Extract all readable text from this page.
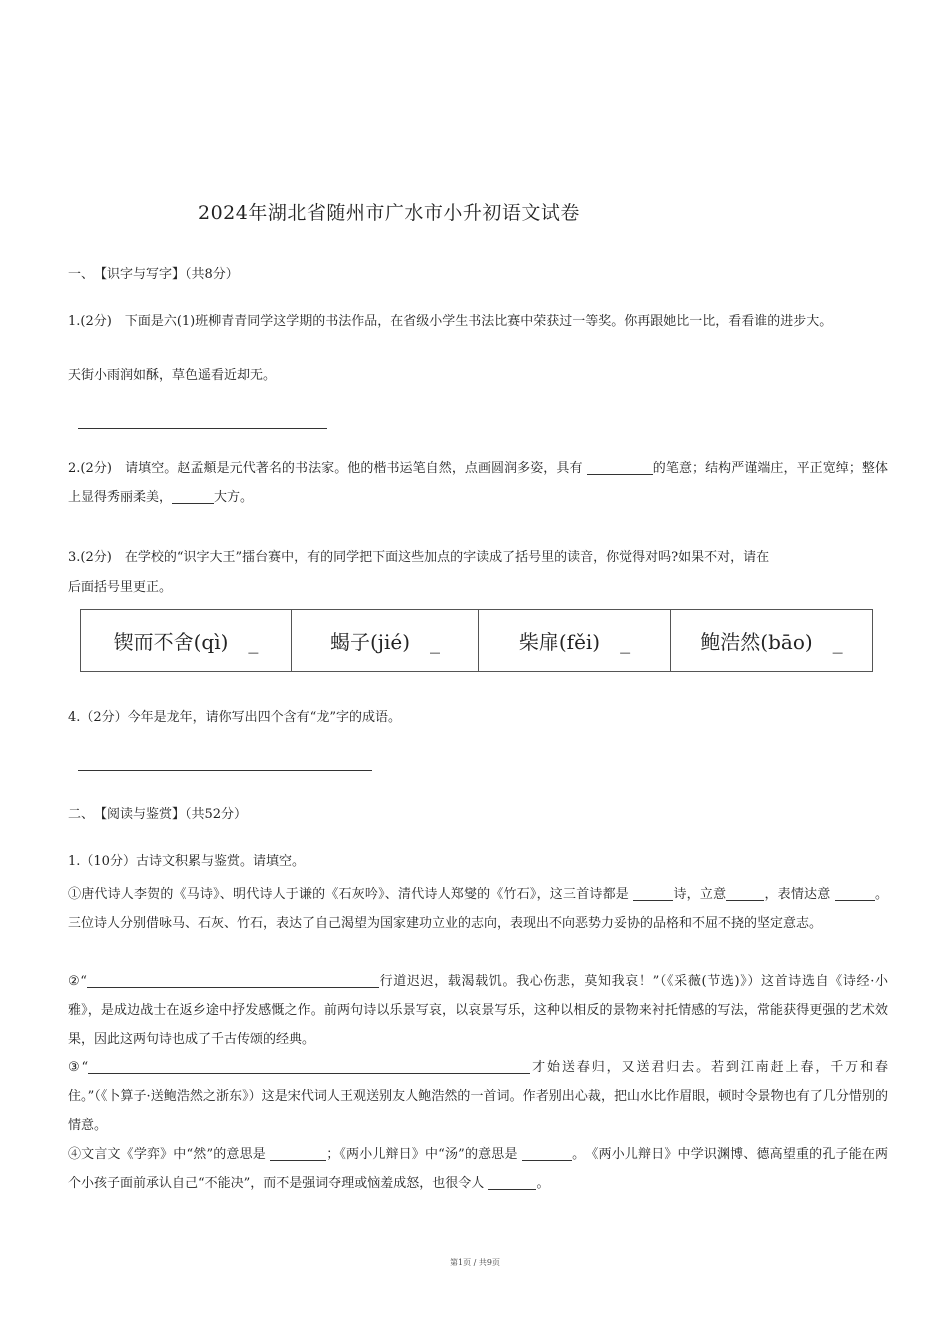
2024年湖北省随州市广水市小升初语文试卷
一、　【识字与写字】（共8分）
1.(2分)　下面是六(1)班柳青青同学这学期的书法作品，在省级小学生书法比赛中荣获过一等奖。你再跟她比一比，看看谁的进步大。
天街小雨润如酥，草色遥看近却无。
2.(2分)　请填空。赵孟頫是元代著名的书法家。他的楷书运笔自然，点画圆润多姿，具有	的笔意；结构严谨端庄，平正宽绰；整体上显得秀丽柔美，	大方。
3.(2分)　在学校的“识字大王”擂台赛中，有的同学把下面这些加点的字读成了括号里的读音，你觉得对吗?如果不对，请在
后面括号里更正。
锲而不舍(qì)　_	蝎子(jié)　_	柴扉(fěi)　_	鲍浩然(bāo)　_
4.（2分）今年是龙年，请你写出四个含有“龙”字的成语。
二、　【阅读与鉴赏】（共52分）
1.（10分）古诗文积累与鉴赏。请填空。
①唐代诗人李贺的《马诗》、明代诗人于谦的《石灰吟》、清代诗人郑燮的《竹石》，这三首诗都是	诗，立意	，表情达意	。三位诗人分别借咏马、石灰、竹石，表达了自己渴望为国家建功立业的志向，表现出不向恶势力妥协的品格和不屈不挠的坚定意志。
②“	行道迟迟，载渴载饥。我心伤悲，莫知我哀！”（《采薇(节选)》）这首诗选自《诗经·小雅》，是成边战士在返乡途中抒发感慨之作。前两句诗以乐景写哀，以哀景写乐，这种以相反的景物来衬托情感的写法，常能获得更强的艺术效果，因此这两句诗也成了千古传颂的经典。
③“	才始送春归，又送君归去。若到江南赶上春，千万和春住。”（《卜算子·送鲍浩然之浙东》）这是宋代词人王观送别友人鲍浩然的一首词。作者别出心裁，把山水比作眉眼，顿时令景物也有了几分惜别的情意。
④文言文《学弈》中“然”的意思是	；《两小儿辩日》中“汤”的意思是	。　《两小儿辩日》中学识渊博、德高望重的孔子能在两个小孩子面前承认自己“不能决”，而不是强词夺理或恼羞成怒，也很令人	。
第1页 / 共9页
